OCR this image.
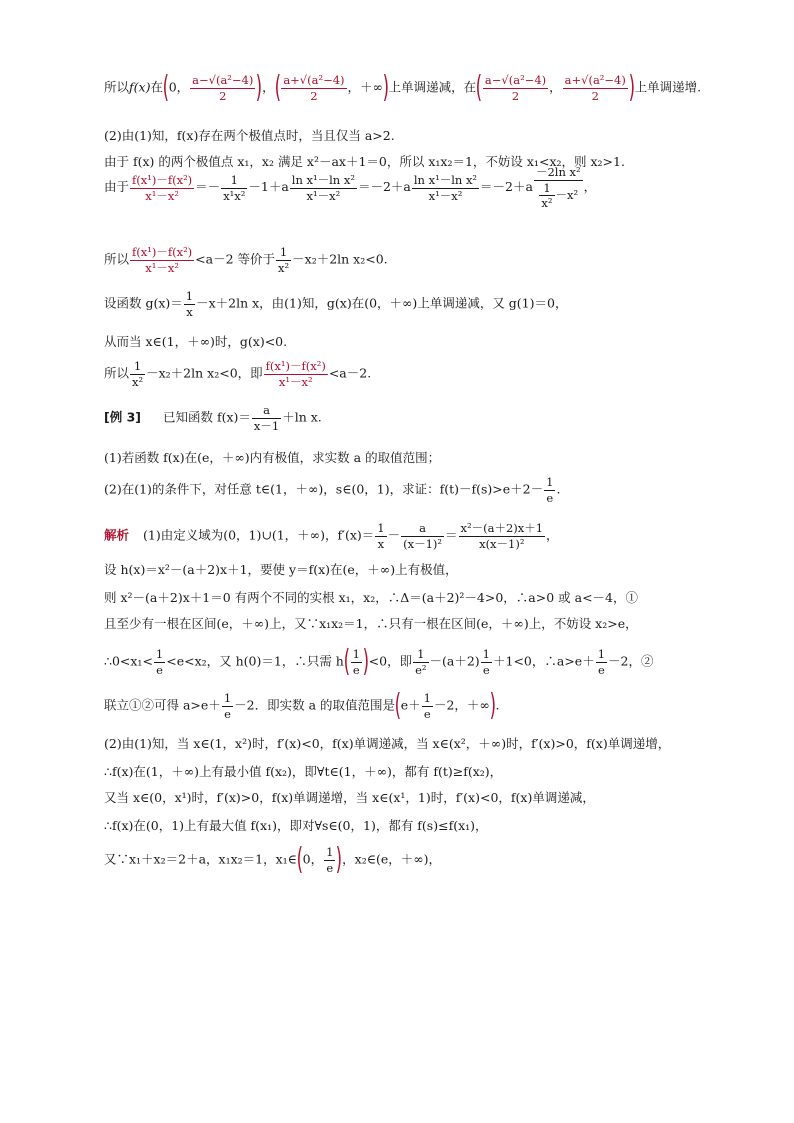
所以f(x)在(0， $\frac{\text{a−√(a²−4)}}{2}$ )，( $\frac{\text{a+√(a²−4)}}{2}$ ，＋∞)上单调递减，在( $\frac{\text{a−√(a²−4)}}{2}$ ， $\frac{\text{a+√(a²−4)}}{2}$ )上单调递增.
(2)由(1)知，f(x)存在两个极值点时，当且仅当 a>2.
由于 f(x) 的两个极值点 x₁，x₂ 满足 x²－ax＋1＝0，所以 x₁x₂＝1，不妨设 x₁<x₂，则 x₂>1.
由于 $\frac{\text{f(x¹)－f(x²)}}{\text{x¹－x²}} =- \frac{1}{\text{x¹x²}} -1+a \frac{\text{ln x¹－ln x²}}{\text{x¹－x²}} =-2+a \frac{\text{ln x¹－ln x²}}{\text{x¹－x²}} =-2+a \frac{\text{－2ln x²}}{\frac{1}{\text{x²}} -x^2}$ ，
所以 $\frac{\text{f(x¹)－f(x²)}}{\text{x¹－x²}} <a-2$ 等价于 $\frac{1}{\text{x²}} -x_2+2\ln$ x₂<0.
设函数 $g(x)= \frac{1}{x} -x+2\ln$ x，由(1)知，g(x)在(0，＋∞)上单调递减，又 g(1)＝0，
从而当 x∈(1，＋∞)时，g(x)<0.
所以 $\frac{1}{\text{x²}} -x_2+2\ln$ x₂<0，即 $\frac{\text{f(x¹)－f(x²)}}{\text{x¹－x²}} <a-2$.
[例 3] 已知函数 $f(x)= \frac{a}{x-1} +\ln$ x.
(1)若函数 f(x)在(e，＋∞)内有极值，求实数 a 的取值范围；
(2)在(1)的条件下，对任意 t∈(1，＋∞)，s∈(0，1)，求证：$f(t)-f(s)>e+2- \frac{1}{e}$ .
解析 (1)由定义域为(0，1)∪(1，＋∞)，$f'(x)= \frac{1}{x} - \frac{a}{\text{(x－1)²}} = \frac{\text{x²－(a＋2)x＋1}}{\text{x(x－1)²}}$ ，
设 h(x)＝x²－(a＋2)x＋1，要使 y＝f(x)在(e，＋∞)上有极值，
则 x²－(a＋2)x＋1＝0 有两个不同的实根 x₁，x₂，∴Δ＝(a＋2)²－4>0，∴a>0 或 a<－4，①
且至少有一根在区间(e，＋∞)上，又∵x₁x₂＝1，∴只有一根在区间(e，＋∞)上，不妨设 x₂>e，
∴0<x₁< $\frac{1}{e} <e<x_2$，又 h(0)＝1，∴只需 $h( \frac{1}{e} )<0$，即 $\frac{1}{\text{e²}} -(a+2) \frac{1}{e} +1<0$，∴a>e＋ $\frac{1}{e} -2$，②
联立①②可得 $a>e+ \frac{1}{e} -2$．即实数 a 的取值范围是($e+ \frac{1}{e} -2$，＋∞).
(2)由(1)知，当 x∈(1，x²)时，f′(x)<0，f(x)单调递减，当 x∈(x²，＋∞)时，f′(x)>0，f(x)单调递增，
∴f(x)在(1，＋∞)上有最小值 f(x₂)，即∀t∈(1，＋∞)，都有 f(t)≥f(x₂)，
又当 x∈(0，x¹)时，f′(x)>0，f(x)单调递增，当 x∈(x¹，1)时，f′(x)<0，f(x)单调递减，
∴f(x)在(0，1)上有最大值 f(x₁)，即对∀s∈(0，1)，都有 f(s)≤f(x₁)，
又∵x₁＋x₂＝2＋a，x₁x₂＝1，x₁∈(0， $\frac{1}{e}$ )，x₂∈(e，＋∞)，
